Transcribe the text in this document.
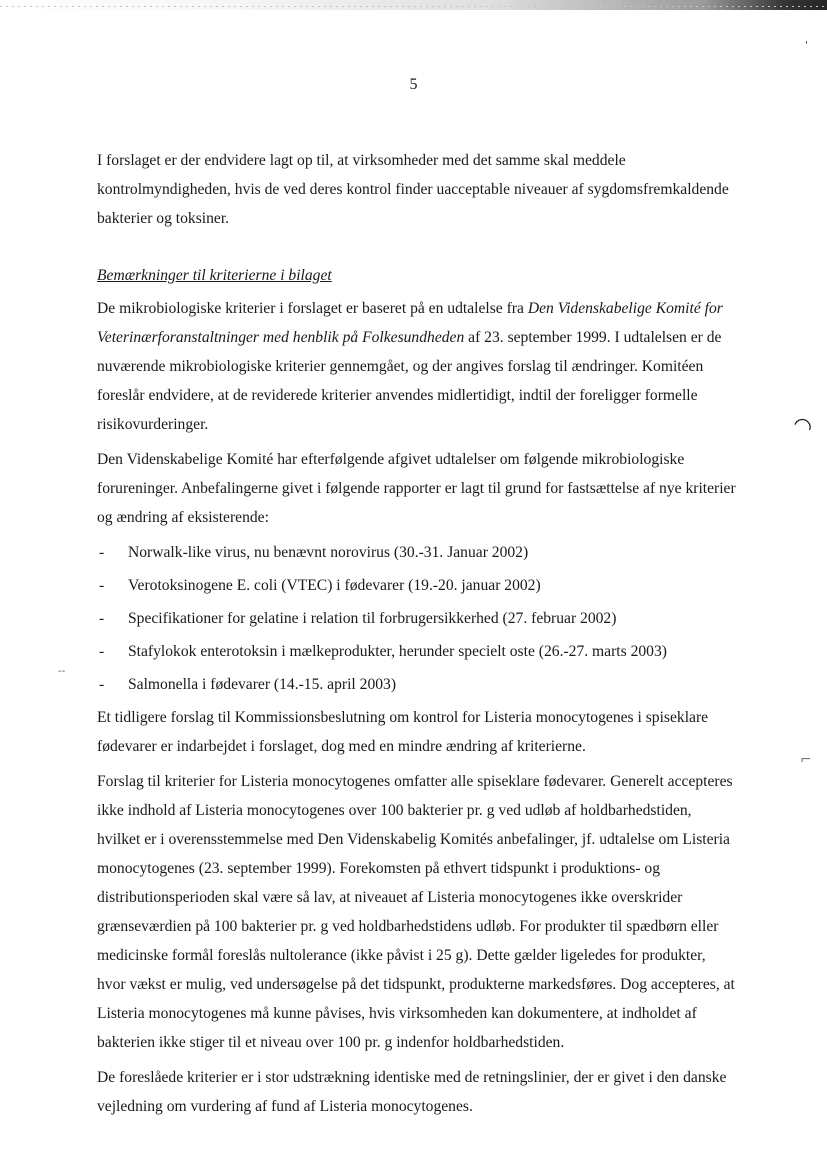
5

I forslaget er der endvidere lagt op til, at virksomheder med det samme skal meddele kontrolmyndigheden, hvis de ved deres kontrol finder uacceptable niveauer af sygdomsfremkaldende bakterier og toksiner.

Bemærkninger til kriterierne i bilaget

De mikrobiologiske kriterier i forslaget er baseret på en udtalelse fra Den Videnskabelige Komité for Veterinærforanstaltninger med henblik på Folkesundheden af 23. september 1999. I udtalelsen er de nuværende mikrobiologiske kriterier gennemgået, og der angives forslag til ændringer. Komitéen foreslår endvidere, at de reviderede kriterier anvendes midlertidigt, indtil der foreligger formelle risikovurderinger.

Den Videnskabelige Komité har efterfølgende afgivet udtalelser om følgende mikrobiologiske forureninger. Anbefalingerne givet i følgende rapporter er lagt til grund for fastsættelse af nye kriterier og ændring af eksisterende:

- Norwalk-like virus, nu benævnt norovirus (30.-31. Januar 2002)
- Verotoksinogene E. coli (VTEC) i fødevarer (19.-20. januar 2002)
- Specifikationer for gelatine i relation til forbrugersikkerhed (27. februar 2002)
- Stafylokok enterotoksin i mælkeprodukter, herunder specielt oste (26.-27. marts 2003)
- Salmonella i fødevarer (14.-15. april 2003)

Et tidligere forslag til Kommissionsbeslutning om kontrol for Listeria monocytogenes i spiseklare fødevarer er indarbejdet i forslaget, dog med en mindre ændring af kriterierne.

Forslag til kriterier for Listeria monocytogenes omfatter alle spiseklare fødevarer. Generelt accepteres ikke indhold af Listeria monocytogenes over 100 bakterier pr. g ved udløb af holdbarhedstiden, hvilket er i overensstemmelse med Den Videnskabelig Komités anbefalinger, jf. udtalelse om Listeria monocytogenes (23. september 1999). Forekomsten på ethvert tidspunkt i produktions- og distributionsperioden skal være så lav, at niveauet af Listeria monocytogenes ikke overskrider grænseværdien på 100 bakterier pr. g ved holdbarhedstidens udløb. For produkter til spædbørn eller medicinske formål foreslås nultolerance (ikke påvist i 25 g). Dette gælder ligeledes for produkter, hvor vækst er mulig, ved undersøgelse på det tidspunkt, produkterne markedsføres. Dog accepteres, at Listeria monocytogenes må kunne påvises, hvis virksomheden kan dokumentere, at indholdet af bakterien ikke stiger til et niveau over 100 pr. g indenfor holdbarhedstiden.

De foreslåede kriterier er i stor udstrækning identiske med de retningslinier, der er givet i den danske vejledning om vurdering af fund af Listeria monocytogenes.

'
◠
⌐
--
